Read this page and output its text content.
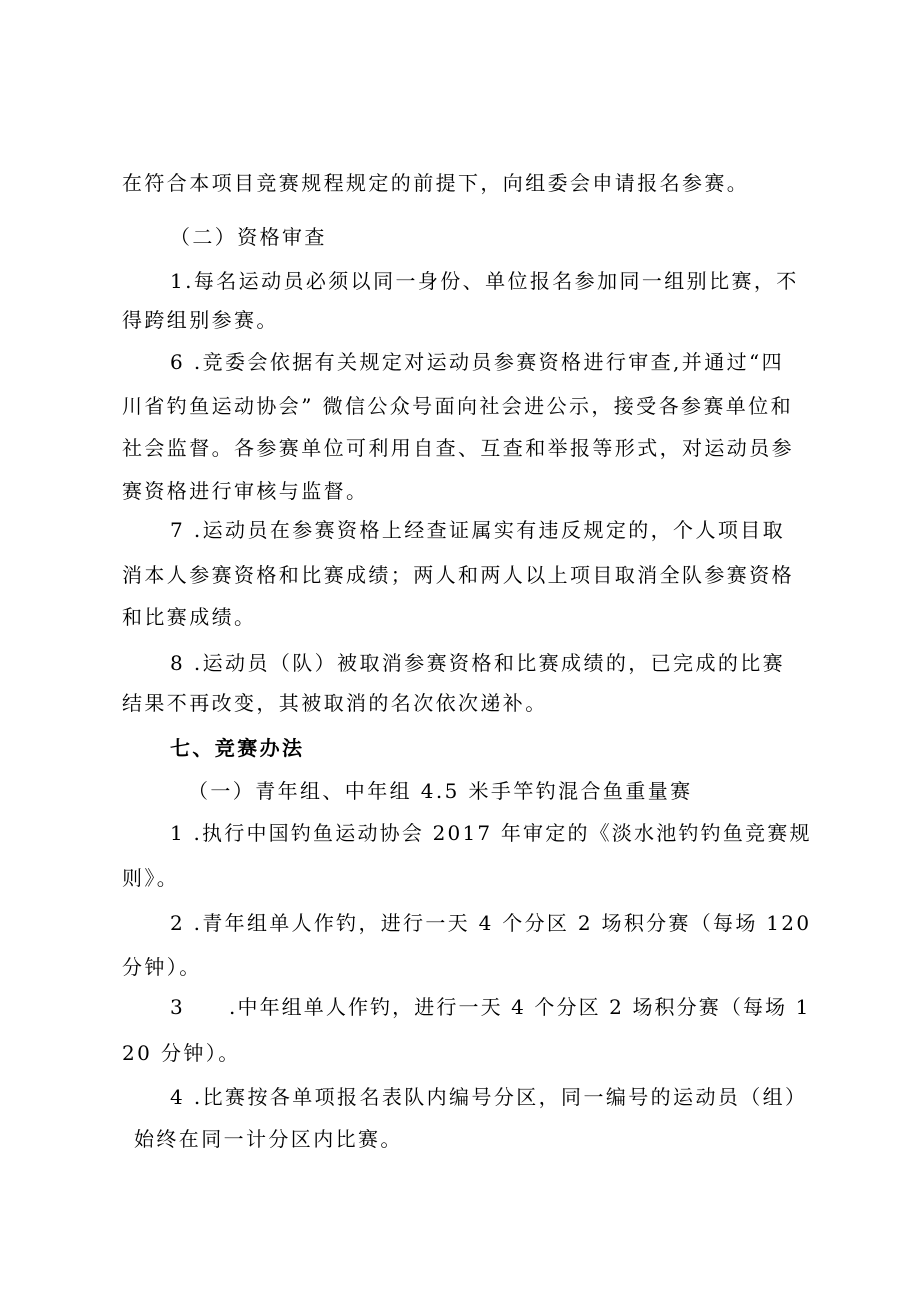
在符合本项目竞赛规程规定的前提下，向组委会申请报名参赛。
（二）资格审查
1.每名运动员必须以同一身份、单位报名参加同一组别比赛，不
得跨组别参赛。
6 .竞委会依据有关规定对运动员参赛资格进行审查,并通过“四
川省钓鱼运动协会” 微信公众号面向社会进公示，接受各参赛单位和
社会监督。各参赛单位可利用自查、互查和举报等形式，对运动员参
赛资格进行审核与监督。
7 .运动员在参赛资格上经查证属实有违反规定的，个人项目取
消本人参赛资格和比赛成绩；两人和两人以上项目取消全队参赛资格
和比赛成绩。
8 .运动员（队）被取消参赛资格和比赛成绩的，已完成的比赛
结果不再改变，其被取消的名次依次递补。
七、竞赛办法
（一）青年组、中年组 4.5 米手竿钓混合鱼重量赛
1 .执行中国钓鱼运动协会 2017 年审定的《淡水池钓钓鱼竞赛规
则》。
2 .青年组单人作钓，进行一天 4 个分区 2 场积分赛（每场 120
分钟）。
3　　.中年组单人作钓，进行一天 4 个分区 2 场积分赛（每场 1
20 分钟）。
4 .比赛按各单项报名表队内编号分区，同一编号的运动员（组）
始终在同一计分区内比赛。
